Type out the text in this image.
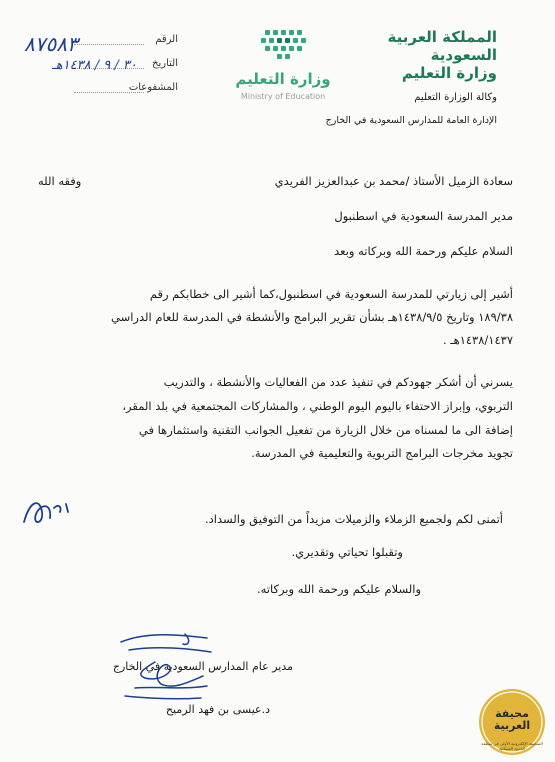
المملكة العربية السعودية
وزارة التعليم
وكالة الوزارة التعليم
الإدارة العامة للمدارس السعودية في الخارج
وزارة التعليم
Ministry of Education
الرقم
٨٧٥٨٣
التاريخ
٣٠ / ٩ / ١٤٣٨هـ
المشفوعات
سعادة الزميل الأستاذ /محمد بن عبدالعزيز الفريدي
وفقه الله
مدير المدرسة السعودية في اسطنبول
السلام عليكم ورحمة الله وبركاته وبعد
أشير إلى زيارتي للمدرسة السعودية في اسطنبول،كما أشير الى خطابكم رقم
١٨٩/٣٨ وتاريخ ١٤٣٨/٩/٥هـ بشأن تقرير البرامج والأنشطة في المدرسة للعام الدراسي
١٤٣٨/١٤٣٧هـ .
يسرني أن أشكر جهودكم في تنفيذ عدد من الفعاليات والأنشطة ، والتدريب
التربوي، وإبراز الاحتفاء باليوم اليوم الوطني ، والمشاركات المجتمعية في بلد المقر،
إضافة الى ما لمسناه من خلال الزيارة من تفعيل الجوانب التقنية واستثمارها في
تجويد مخرجات البرامج التربوية والتعليمية في المدرسة.
أتمنى لكم ولجميع الزملاء والزميلات مزيداً من التوفيق والسداد.
وتقبلوا تحياتي وتقديري.
والسلام عليكم ورحمة الله وبركاته.
مدير عام المدارس السعودية في الخارج
د.عيسى بن فهد الرميح	محيفة
العربية
الصحيفة الإلكترونية الأولى في منطقة الحدود الشمالية
